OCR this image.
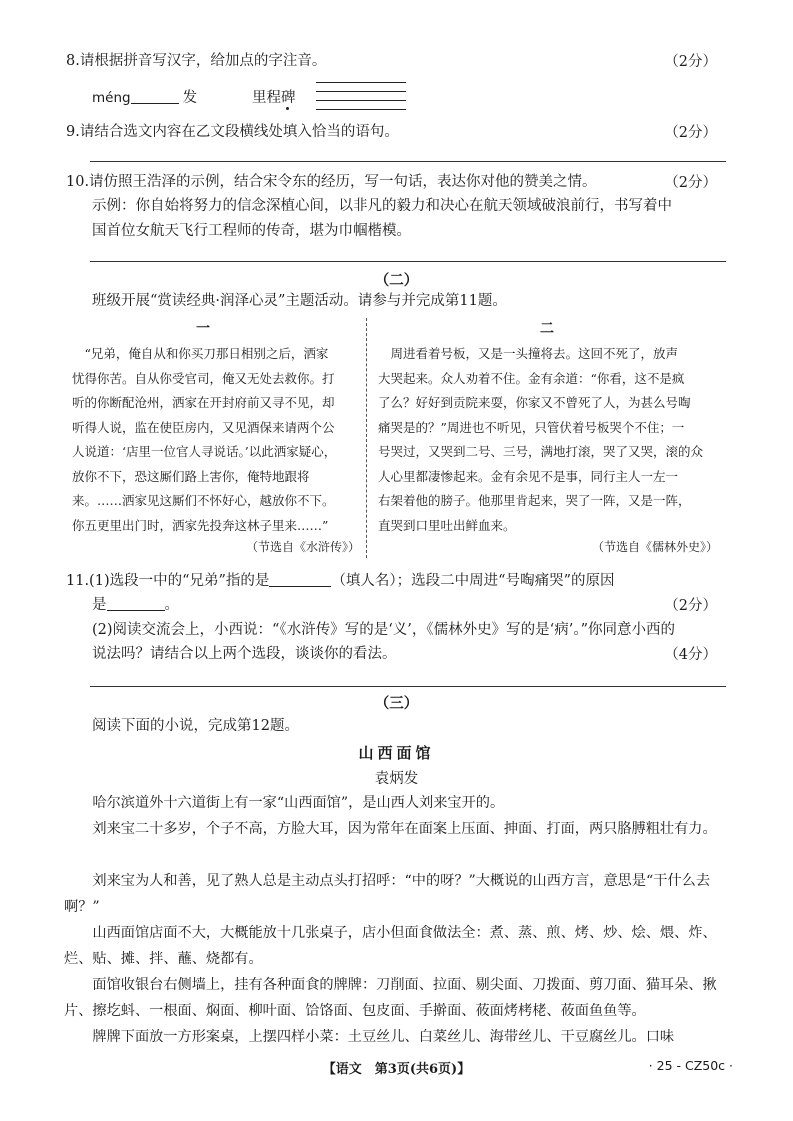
8.请根据拼音写汉字，给加点的字注音。	（2分）
méng	发	里程碑
9.请结合选文内容在乙文段横线处填入恰当的语句。	（2分）
10.请仿照王浩泽的示例，结合宋令东的经历，写一句话，表达你对他的赞美之情。	（2分）
示例：你自始将努力的信念深植心间，以非凡的毅力和决心在航天领域破浪前行，书写着中
国首位女航天飞行工程师的传奇，堪为巾帼楷模。
（二）
班级开展“赏读经典·润泽心灵”主题活动。请参与并完成第11题。
一	二
“兄弟，俺自从和你买刀那日相别之后，洒家
忧得你苦。自从你受官司，俺又无处去救你。打
听的你断配沧州，洒家在开封府前又寻不见，却
听得人说，监在使臣房内，又见酒保来请两个公
人说道：‘店里一位官人寻说话。’以此洒家疑心，
放你不下，恐这厮们路上害你，俺特地跟将
来。……洒家见这厮们不怀好心，越放你不下。
你五更里出门时，洒家先投奔这林子里来……”
（节选自《水浒传》）
周进看着号板，又是一头撞将去。这回不死了，放声
大哭起来。众人劝着不住。金有余道：“你看，这不是疯
了么？好好到贡院来耍，你家又不曾死了人，为甚么号啕
痛哭是的？”周进也不听见，只管伏着号板哭个不住；一
号哭过，又哭到二号、三号，满地打滚，哭了又哭，滚的众
人心里都凄惨起来。金有余见不是事，同行主人一左一
右架着他的膀子。他那里肯起来，哭了一阵，又是一阵，
直哭到口里吐出鲜血来。
（节选自《儒林外史》）
11.(1)选段一中的“兄弟”指的是	（填人名）；选段二中周进“号啕痛哭”的原因
是	。	（2分）
(2)阅读交流会上，小西说：“《水浒传》写的是‘义’，《儒林外史》写的是‘病’。”你同意小西的
说法吗？请结合以上两个选段，谈谈你的看法。	（4分）
（三）
阅读下面的小说，完成第12题。
山西面馆
袁炳发
哈尔滨道外十六道街上有一家“山西面馆”，是山西人刘来宝开的。
刘来宝二十多岁，个子不高，方脸大耳，因为常年在面案上压面、抻面、打面，两只胳膊粗壮有力。
刘来宝为人和善，见了熟人总是主动点头打招呼：“中的呀？”大概说的山西方言，意思是“干什么去啊？”
山西面馆店面不大，大概能放十几张桌子，店小但面食做法全：煮、蒸、煎、烤、炒、烩、煨、炸、烂、贴、摊、拌、蘸、烧都有。
面馆收银台右侧墙上，挂有各种面食的牌牌：刀削面、拉面、剔尖面、刀拨面、剪刀面、猫耳朵、揪片、擦圪蚪、一根面、焖面、柳叶面、饸饹面、包皮面、手擀面、莜面烤栲栳、莜面鱼鱼等。
牌牌下面放一方形案桌，上摆四样小菜：土豆丝儿、白菜丝儿、海带丝儿、干豆腐丝儿。口味
【语文　第3页(共6页)】	· 25 - CZ50c ·
